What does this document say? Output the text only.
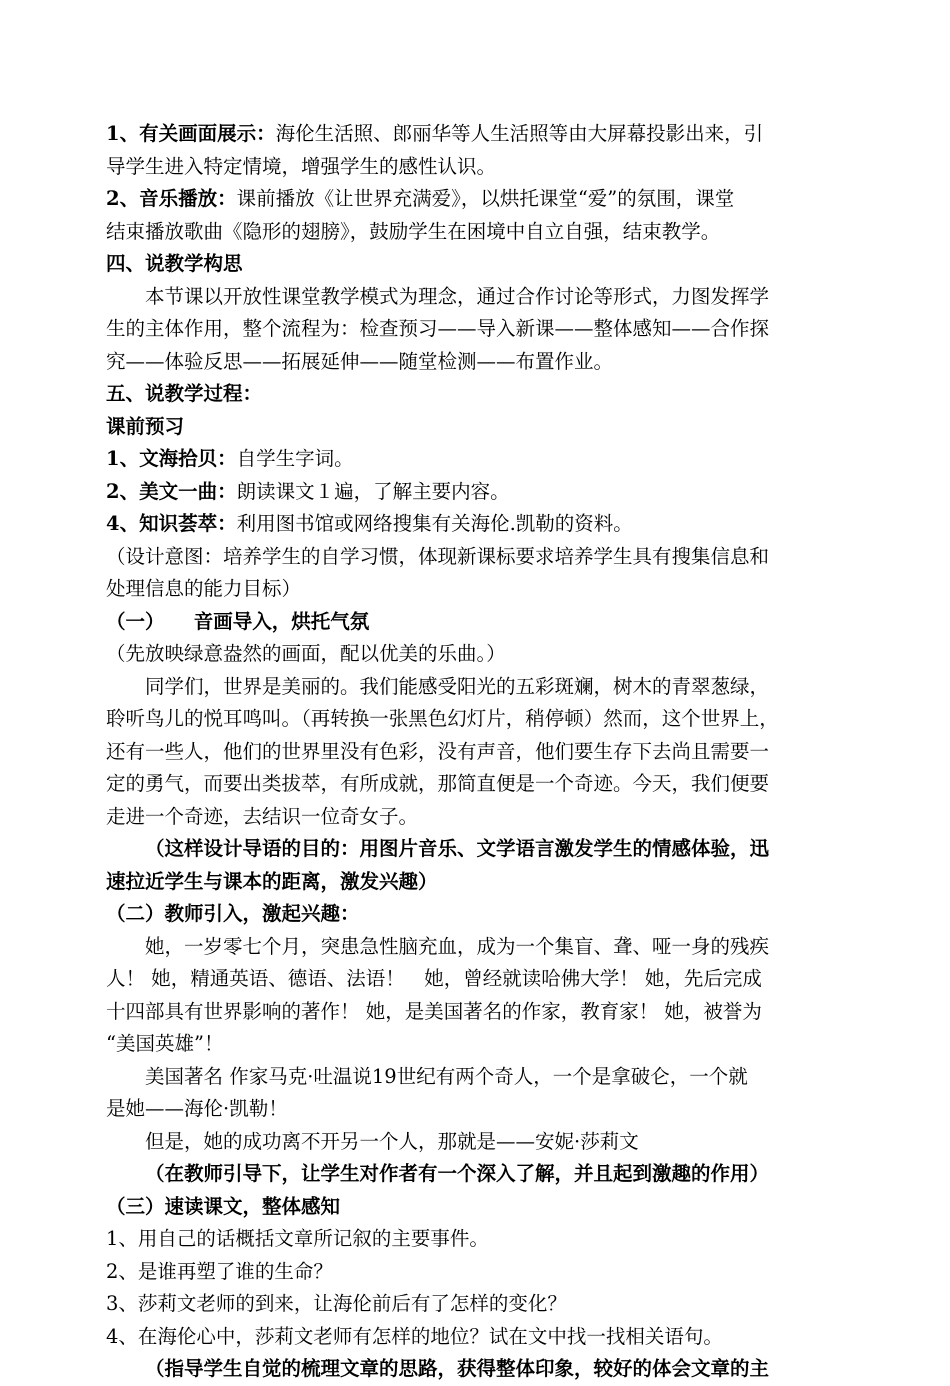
1、有关画面展示：海伦生活照、郎丽华等人生活照等由大屏幕投影出来，引
导学生进入特定情境，增强学生的感性认识。
2、音乐播放：课前播放《让世界充满爱》，以烘托课堂“爱”的氛围，课堂
结束播放歌曲《隐形的翅膀》，鼓励学生在困境中自立自强，结束教学。
四、说教学构思
本节课以开放性课堂教学模式为理念，通过合作讨论等形式，力图发挥学
生的主体作用，整个流程为：检查预习——导入新课——整体感知——合作探
究——体验反思——拓展延伸——随堂检测——布置作业。
五、说教学过程：
课前预习
1、文海拾贝：自学生字词。
2、美文一曲：朗读课文１遍，了解主要内容。
4、知识荟萃：利用图书馆或网络搜集有关海伦.凯勒的资料。
（设计意图：培养学生的自学习惯，体现新课标要求培养学生具有搜集信息和
处理信息的能力目标）
（一） 音画导入，烘托气氛
（先放映绿意盎然的画面，配以优美的乐曲。）
同学们，世界是美丽的。我们能感受阳光的五彩斑斓，树木的青翠葱绿，
聆听鸟儿的悦耳鸣叫。（再转换一张黑色幻灯片，稍停顿）然而，这个世界上，
还有一些人，他们的世界里没有色彩，没有声音，他们要生存下去尚且需要一
定的勇气，而要出类拔萃，有所成就，那简直便是一个奇迹。今天，我们便要
走进一个奇迹，去结识一位奇女子。
（这样设计导语的目的：用图片音乐、文学语言激发学生的情感体验，迅
速拉近学生与课本的距离，激发兴趣）
（二）教师引入，激起兴趣：
她，一岁零七个月，突患急性脑充血，成为一个集盲、聋、哑一身的残疾
人！ 她，精通英语、德语、法语！　她，曾经就读哈佛大学！ 她，先后完成
十四部具有世界影响的著作！ 她，是美国著名的作家，教育家！ 她，被誉为
“美国英雄”！
美国著名 作家马克·吐温说19世纪有两个奇人，一个是拿破仑，一个就
是她——海伦·凯勒！
但是，她的成功离不开另一个人，那就是——安妮·莎莉文
（在教师引导下，让学生对作者有一个深入了解，并且起到激趣的作用）
（三）速读课文，整体感知
1、用自己的话概括文章所记叙的主要事件。
2、是谁再塑了谁的生命？
3、莎莉文老师的到来，让海伦前后有了怎样的变化？
4、在海伦心中，莎莉文老师有怎样的地位？试在文中找一找相关语句。
（指导学生自觉的梳理文章的思路，获得整体印象，较好的体会文章的主
